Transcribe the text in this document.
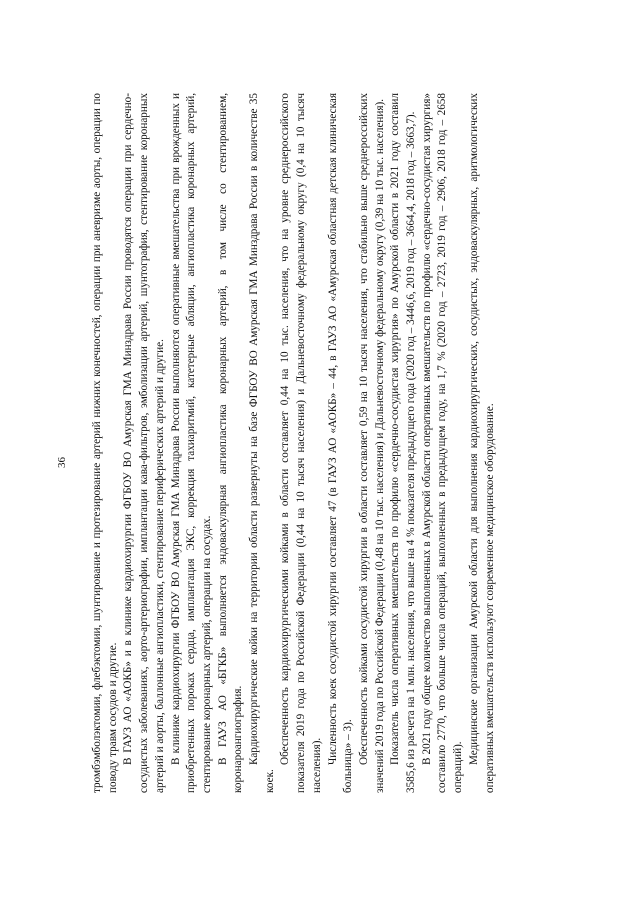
36 тромбэмболэктомии, флебэктомии, шунтирование и протезирование артерий нижних конечностей, операции при аневризме аорты, операции по поводу травм сосудов и другие. В ГАУЗ АО «АОКБ» и в клинике кардиохирургии ФГБОУ ВО Амурская ГМА Минздрава России проводятся операции при сердечно-сосудистых заболеваниях, аорто-артериографии, имплантации кава-фильтров, эмболизации артерий, шунтография, стентирование коронарных артерий и аорты, баллонные ангиопластики, стентирование периферических артерий и другие. В клинике кардиохирургии ФГБОУ ВО Амурская ГМА Минздрава России выполняются оперативные вмешательства при врожденных и приобретенных пороках сердца, имплантация ЭКС, коррекция тахиаритмий, катетерные абляции, ангиопластика коронарных артерий, стентирование коронарных артерий, операции на сосудах. В ГАУЗ АО «БГКБ» выполняется эндоваскулярная ангиопластика коронарных артерий, в том числе со стентированием, коронароангиография. Кардиохирургические койки на территории области развернуты на базе ФГБОУ ВО Амурская ГМА Минздрава России в количестве 35 коек.

Обеспеченность кардиохирургическими койками в области составляет 0,44 на 10 тыс. населения, что на уровне среднероссийского показателя 2019 года по Российской Федерации (0,44 на 10 тысяч населения) и Дальневосточному федеральному округу (0,4 на 10 тысяч населения).

Численность коек сосудистой хирургии составляет 47 (в ГАУЗ АО «АОКБ» – 44, в ГАУЗ АО «Амурская областная детская клиническая больница» – 3). Обеспеченность койками сосудистой хирургии в области составляет 0,59 на 10 тысяч населения, что стабильно выше среднероссийских значений 2019 года по Российской Федерации (0,48 на 10 тыс. населения) и Дальневосточному федеральному округу (0,39 на 10 тыс. населения). Показатель числа оперативных вмешательств по профилю «сердечно-сосудистая хирургия» по Амурской области в 2021 году составил 3585,6 из расчета на 1 млн. населения, что выше на 4 % показателя предыдущего года (2020 год – 3446,6, 2019 год – 3664,4, 2018 год – 3663,7). В 2021 году общее количество выполненных в Амурской области оперативных вмешательств по профилю «сердечно-сосудистая хирургия» составило 2770, что больше числа операций, выполненных в предыдущем году, на 1,7 % (2020 год – 2723, 2019 год – 2906, 2018 год – 2658 операций).

Медицинские организации Амурской области для выполнения кардиохирургических, сосудистых, эндоваскулярных, аритмологических оперативных вмешательств используют современное медицинское оборудование.
